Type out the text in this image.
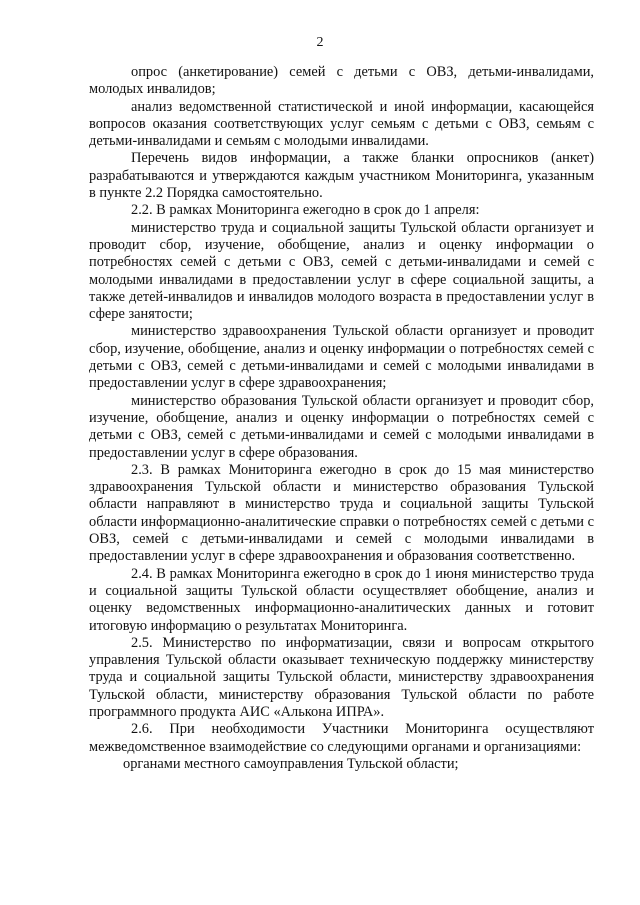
2

опрос (анкетирование) семей с детьми с ОВЗ, детьми-инвалидами, молодых инвалидов;

анализ ведомственной статистической и иной информации, касающейся вопросов оказания соответствующих услуг семьям с детьми с ОВЗ, семьям с детьми-инвалидами и семьям с молодыми инвалидами.

Перечень видов информации, а также бланки опросников (анкет) разрабатываются и утверждаются каждым участником Мониторинга, указанным в пункте 2.2 Порядка самостоятельно.

2.2. В рамках Мониторинга ежегодно в срок до 1 апреля:

министерство труда и социальной защиты Тульской области организует и проводит сбор, изучение, обобщение, анализ и оценку информации о потребностях семей с детьми с ОВЗ, семей с детьми-инвалидами и семей с молодыми инвалидами в предоставлении услуг в сфере социальной защиты, а также детей-инвалидов и инвалидов молодого возраста в предоставлении услуг в сфере занятости;

министерство здравоохранения Тульской области организует и проводит сбор, изучение, обобщение, анализ и оценку информации о потребностях семей с детьми с ОВЗ, семей с детьми-инвалидами и семей с молодыми инвалидами в предоставлении услуг в сфере здравоохранения;

министерство образования Тульской области организует и проводит сбор, изучение, обобщение, анализ и оценку информации о потребностях семей с детьми с ОВЗ, семей с детьми-инвалидами и семей с молодыми инвалидами в предоставлении услуг в сфере образования.

2.3. В рамках Мониторинга ежегодно в срок до 15 мая министерство здравоохранения Тульской области и министерство образования Тульской области направляют в министерство труда и социальной защиты Тульской области информационно-аналитические справки о потребностях семей с детьми с ОВЗ, семей с детьми-инвалидами и семей с молодыми инвалидами в предоставлении услуг в сфере здравоохранения и образования соответственно.

2.4. В рамках Мониторинга ежегодно в срок до 1 июня министерство труда и социальной защиты Тульской области осуществляет обобщение, анализ и оценку ведомственных информационно-аналитических данных и готовит итоговую информацию о результатах Мониторинга.

2.5. Министерство по информатизации, связи и вопросам открытого управления Тульской области оказывает техническую поддержку министерству труда и социальной защиты Тульской области, министерству здравоохранения Тульской области, министерству образования Тульской области по работе программного продукта АИС «Алькона ИПРА».

2.6. При необходимости Участники Мониторинга осуществляют межведомственное взаимодействие со следующими органами и организациями:

органами местного самоуправления Тульской области;
